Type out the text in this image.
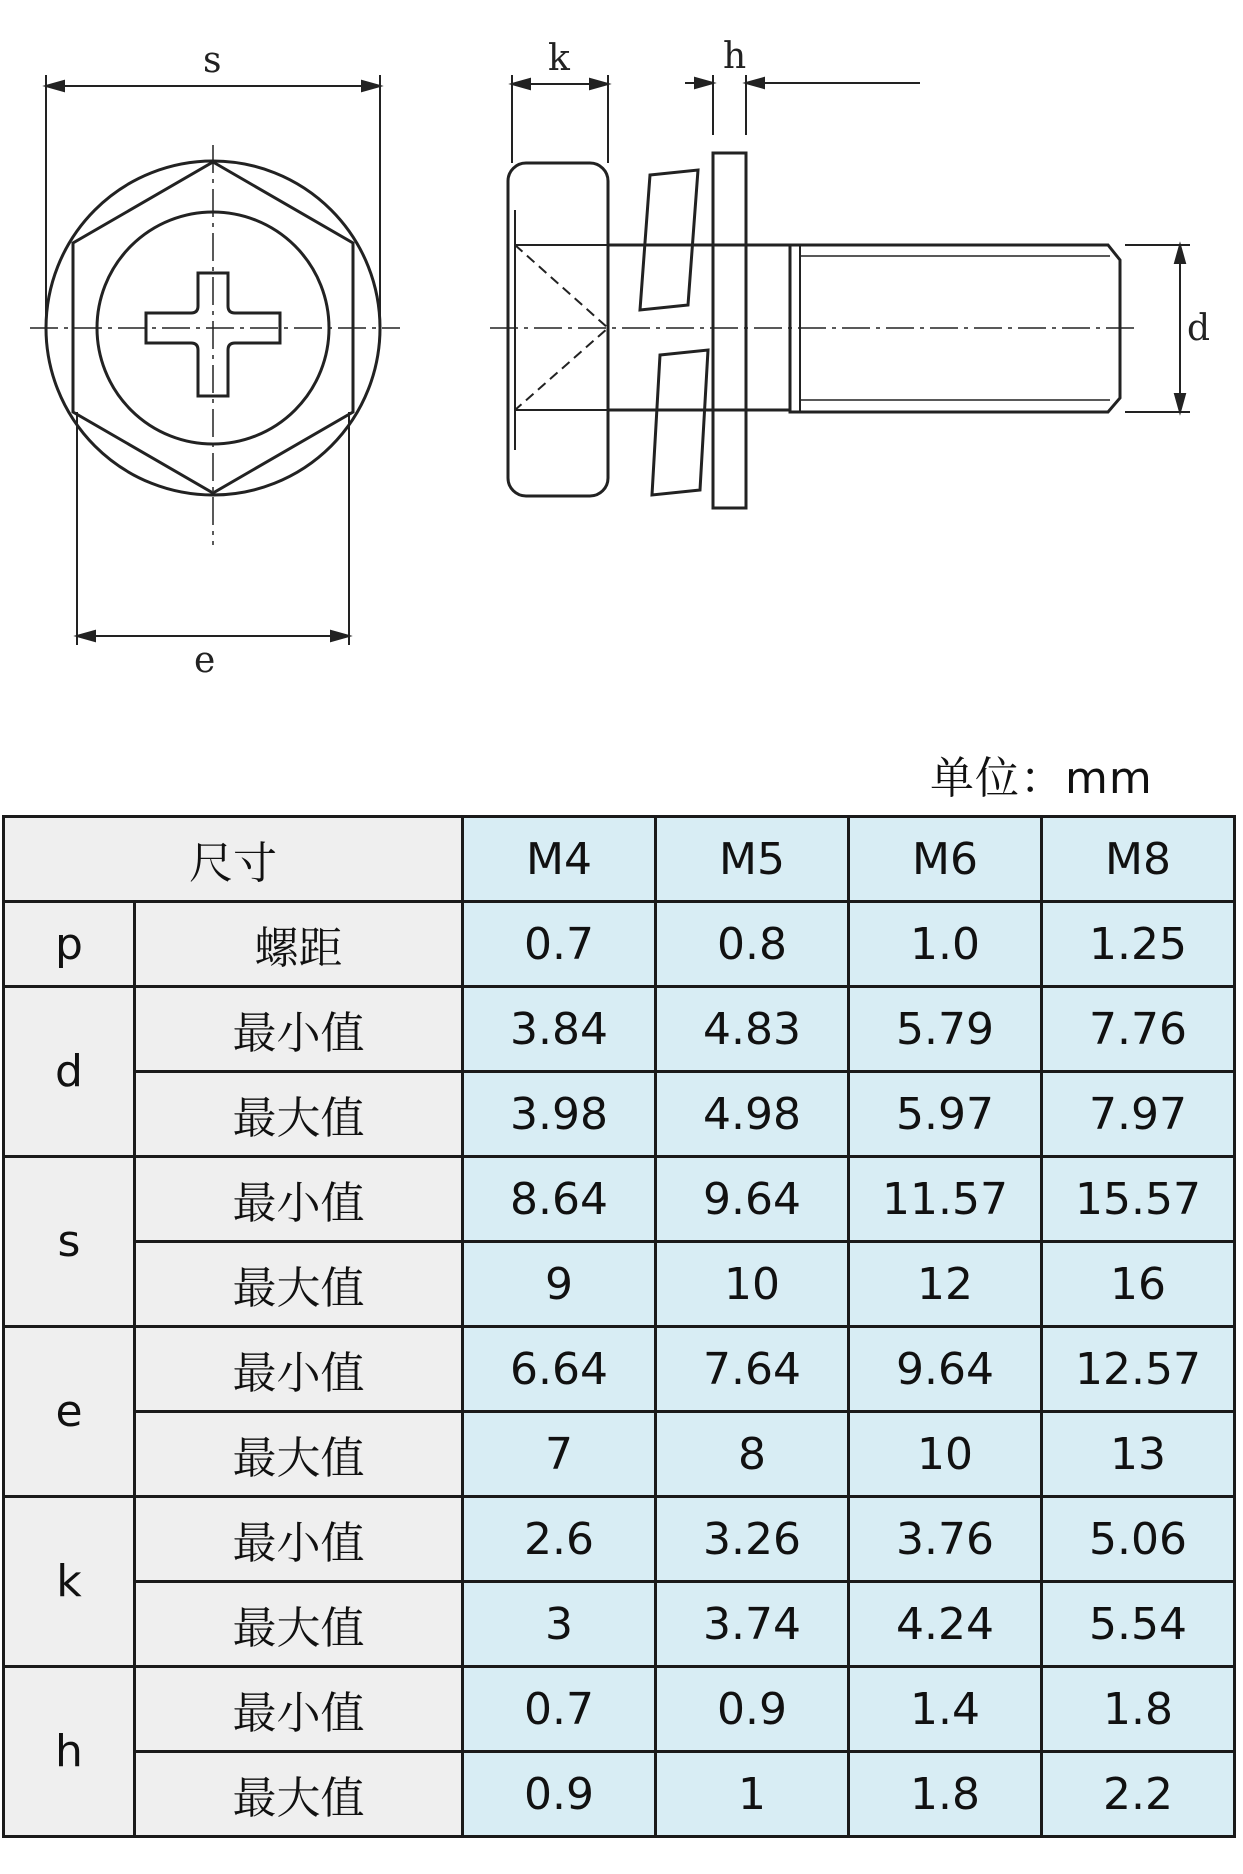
s
e
k	h
d
单位：mm
尺寸		M4	M5	M6	M8
p	螺距	0.7	0.8	1.0	1.25
d	最小值	3.84	4.83	5.79	7.76
	最大值	3.98	4.98	5.97	7.97
s	最小值	8.64	9.64	11.57	15.57
	最大值	9	10	12	16
e	最小值	6.64	7.64	9.64	12.57
	最大值	7	8	10	13
k	最小值	2.6	3.26	3.76	5.06
	最大值	3	3.74	4.24	5.54
h	最小值	0.7	0.9	1.4	1.8
	最大值	0.9	1	1.8	2.2
